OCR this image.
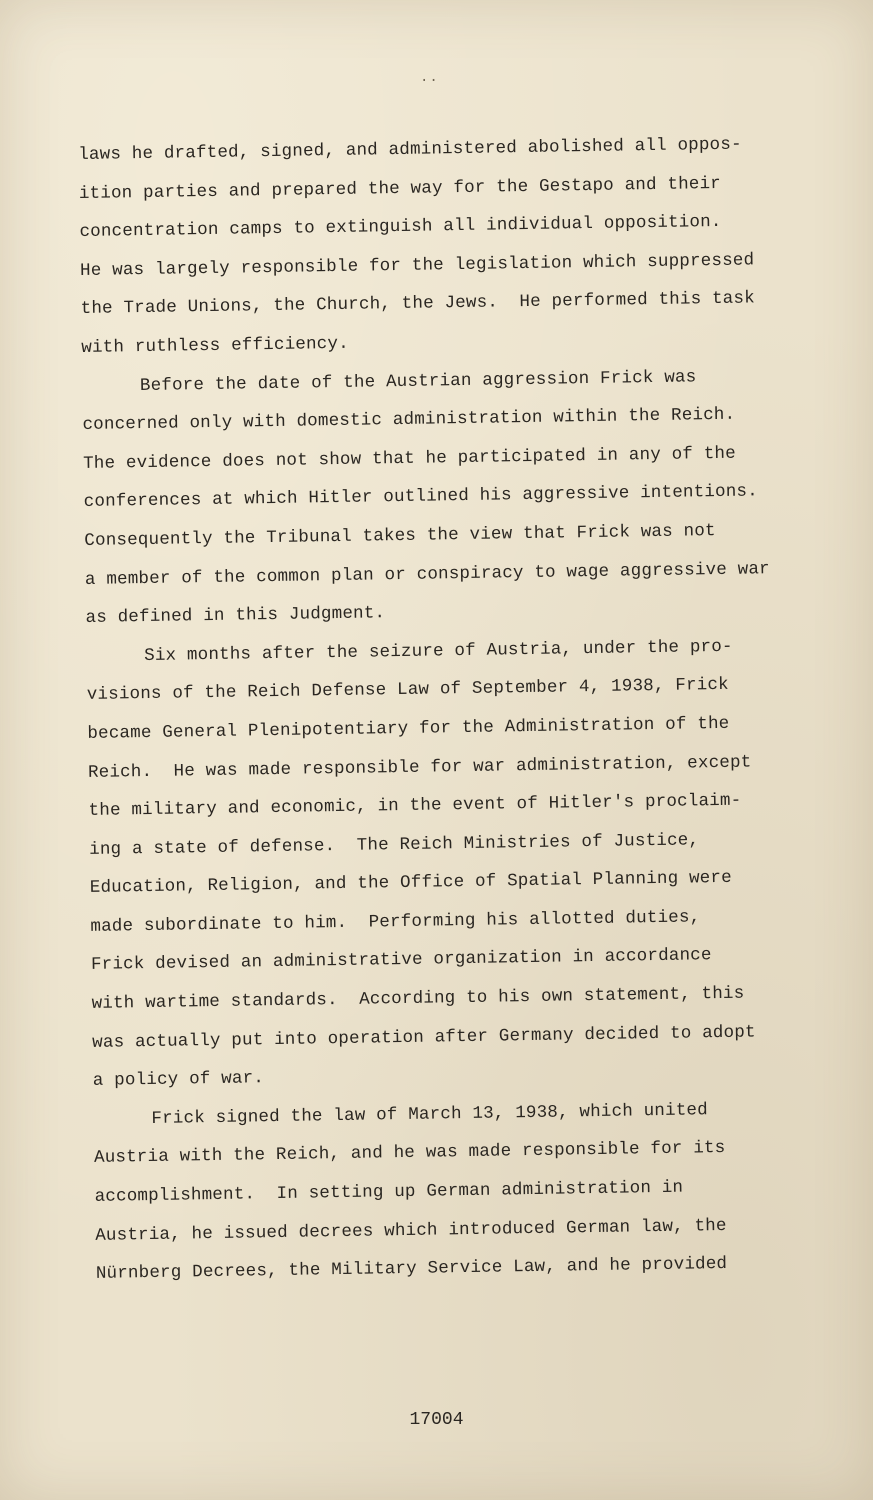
..
laws he drafted, signed, and administered abolished all oppos-
ition parties and prepared the way for the Gestapo and their
concentration camps to extinguish all individual opposition.
He was largely responsible for the legislation which suppressed
the Trade Unions, the Church, the Jews.  He performed this task
with ruthless efficiency.
Before the date of the Austrian aggression Frick was
concerned only with domestic administration within the Reich.
The evidence does not show that he participated in any of the
conferences at which Hitler outlined his aggressive intentions.
Consequently the Tribunal takes the view that Frick was not
a member of the common plan or conspiracy to wage aggressive war
as defined in this Judgment.
Six months after the seizure of Austria, under the pro-
visions of the Reich Defense Law of September 4, 1938, Frick
became General Plenipotentiary for the Administration of the
Reich.  He was made responsible for war administration, except
the military and economic, in the event of Hitler's proclaim-
ing a state of defense.  The Reich Ministries of Justice,
Education, Religion, and the Office of Spatial Planning were
made subordinate to him.  Performing his allotted duties,
Frick devised an administrative organization in accordance
with wartime standards.  According to his own statement, this
was actually put into operation after Germany decided to adopt
a policy of war.
Frick signed the law of March 13, 1938, which united
Austria with the Reich, and he was made responsible for its
accomplishment.  In setting up German administration in
Austria, he issued decrees which introduced German law, the
Nürnberg Decrees, the Military Service Law, and he provided
17004
